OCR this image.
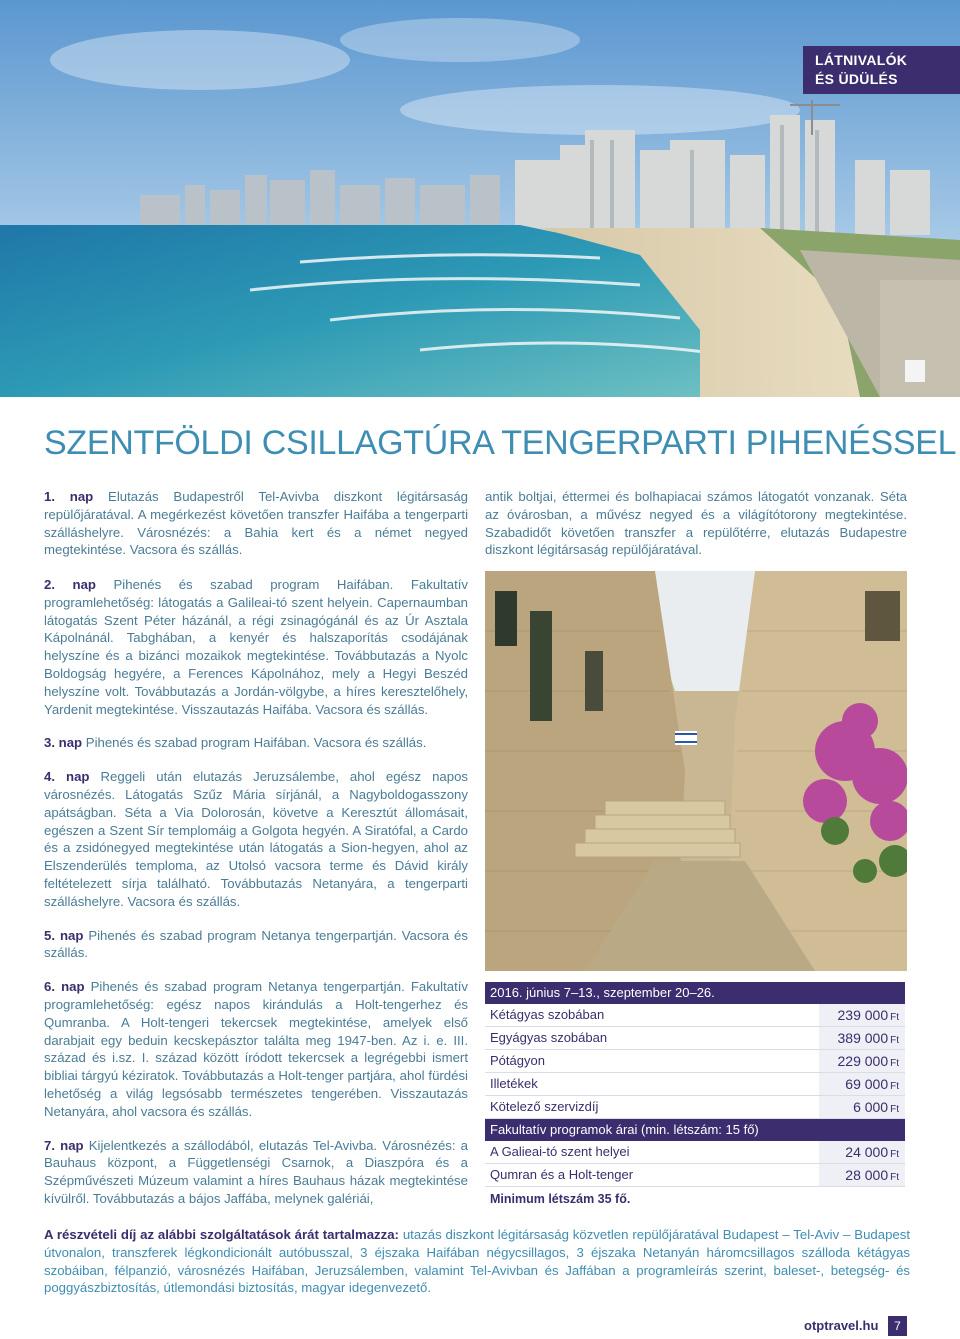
LÁTNIVALÓK
ÉS ÜDÜLÉS
SZENTFÖLDI CSILLAGTÚRA TENGERPARTI PIHENÉSSEL

1. nap Elutazás Budapestről Tel-Avivba diszkont légitársaság repülőjáratával. A megérkezést követően transzfer Haifába a tengerparti szálláshelyre. Városnézés: a Bahia kert és a német negyed megtekintése. Vacsora és szállás.

2. nap Pihenés és szabad program Haifában. Fakultatív programlehetőség: látogatás a Galileai-tó szent helyein. Capernaumban látogatás Szent Péter házánál, a régi zsinagógánál és az Úr Asztala Kápolnánál. Tabghában, a kenyér és halszaporítás csodájának helyszíne és a bizánci mozaikok megtekintése. Továbbutazás a Nyolc Boldogság hegyére, a Ferences Kápolnához, mely a Hegyi Beszéd helyszíne volt. Továbbutazás a Jordán-völgybe, a híres keresztelőhely, Yardenit megtekintése. Visszautazás Haifába. Vacsora és szállás.

3. nap Pihenés és szabad program Haifában. Vacsora és szállás.

4. nap Reggeli után elutazás Jeruzsálembe, ahol egész napos városnézés. Látogatás Szűz Mária sírjánál, a Nagyboldogasszony apátságban. Séta a Via Dolorosán, követve a Keresztút állomásait, egészen a Szent Sír templomáig a Golgota hegyén. A Siratófal, a Cardo és a zsidónegyed megtekintése után látogatás a Sion-hegyen, ahol az Elszenderülés temploma, az Utolsó vacsora terme és Dávid király feltételezett sírja található. Továbbutazás Netanyára, a tengerparti szálláshelyre. Vacsora és szállás.

5. nap Pihenés és szabad program Netanya tengerpartján. Vacsora és szállás.

6. nap Pihenés és szabad program Netanya tengerpartján. Fakultatív programlehetőség: egész napos kirándulás a Holt-tengerhez és Qumranba. A Holt-tengeri tekercsek megtekintése, amelyek első darabjait egy beduin kecskepásztor találta meg 1947-ben. Az i. e. III. század és i.sz. I. század között íródott tekercsek a legrégebbi ismert bibliai tárgyú kéziratok. Továbbutazás a Holt-tenger partjára, ahol fürdési lehetőség a világ legsósabb természetes tengerében. Visszautazás Netanyára, ahol vacsora és szállás.

7. nap Kijelentkezés a szállodából, elutazás Tel-Avivba. Városnézés: a Bauhaus központ, a Függetlenségi Csarnok, a Diaszpóra és a Szépművészeti Múzeum valamint a híres Bauhaus házak megtekintése kívülről. Továbbutazás a bájos Jaffába, melynek galériái,

antik boltjai, éttermei és bolhapiacai számos látogatót vonzanak. Séta az óvárosban, a művész negyed és a világítótorony megtekintése. Szabadidőt követően transzfer a repülőtérre, elutazás Budapestre diszkont légitársaság repülőjáratával.

2016. június 7–13., szeptember 20–26.
Kétágyas szobában	239 000 Ft
Egyágyas szobában	389 000 Ft
Pótágyon	229 000 Ft
Illetékek	69 000 Ft
Kötelező szervizdíj	6 000 Ft
Fakultatív programok árai (min. létszám: 15 fő)
A Galieai-tó szent helyei	24 000 Ft
Qumran és a Holt-tenger	28 000 Ft
Minimum létszám 35 fő.
A részvételi díj az alábbi szolgáltatások árát tartalmazza: utazás diszkont légitársaság közvetlen repülőjáratával Budapest – Tel-Aviv – Budapest útvonalon, transzferek légkondicionált autóbusszal, 3 éjszaka Haifában négycsillagos, 3 éjszaka Netanyán háromcsillagos szálloda kétágyas szobáiban, félpanzió, városnézés Haifában, Jeruzsálemben, valamint Tel-Avivban és Jaffában a programleírás szerint, baleset-, betegség- és poggyászbiztosítás, útlemondási biztosítás, magyar idegenvezető.
otptravel.hu	7
